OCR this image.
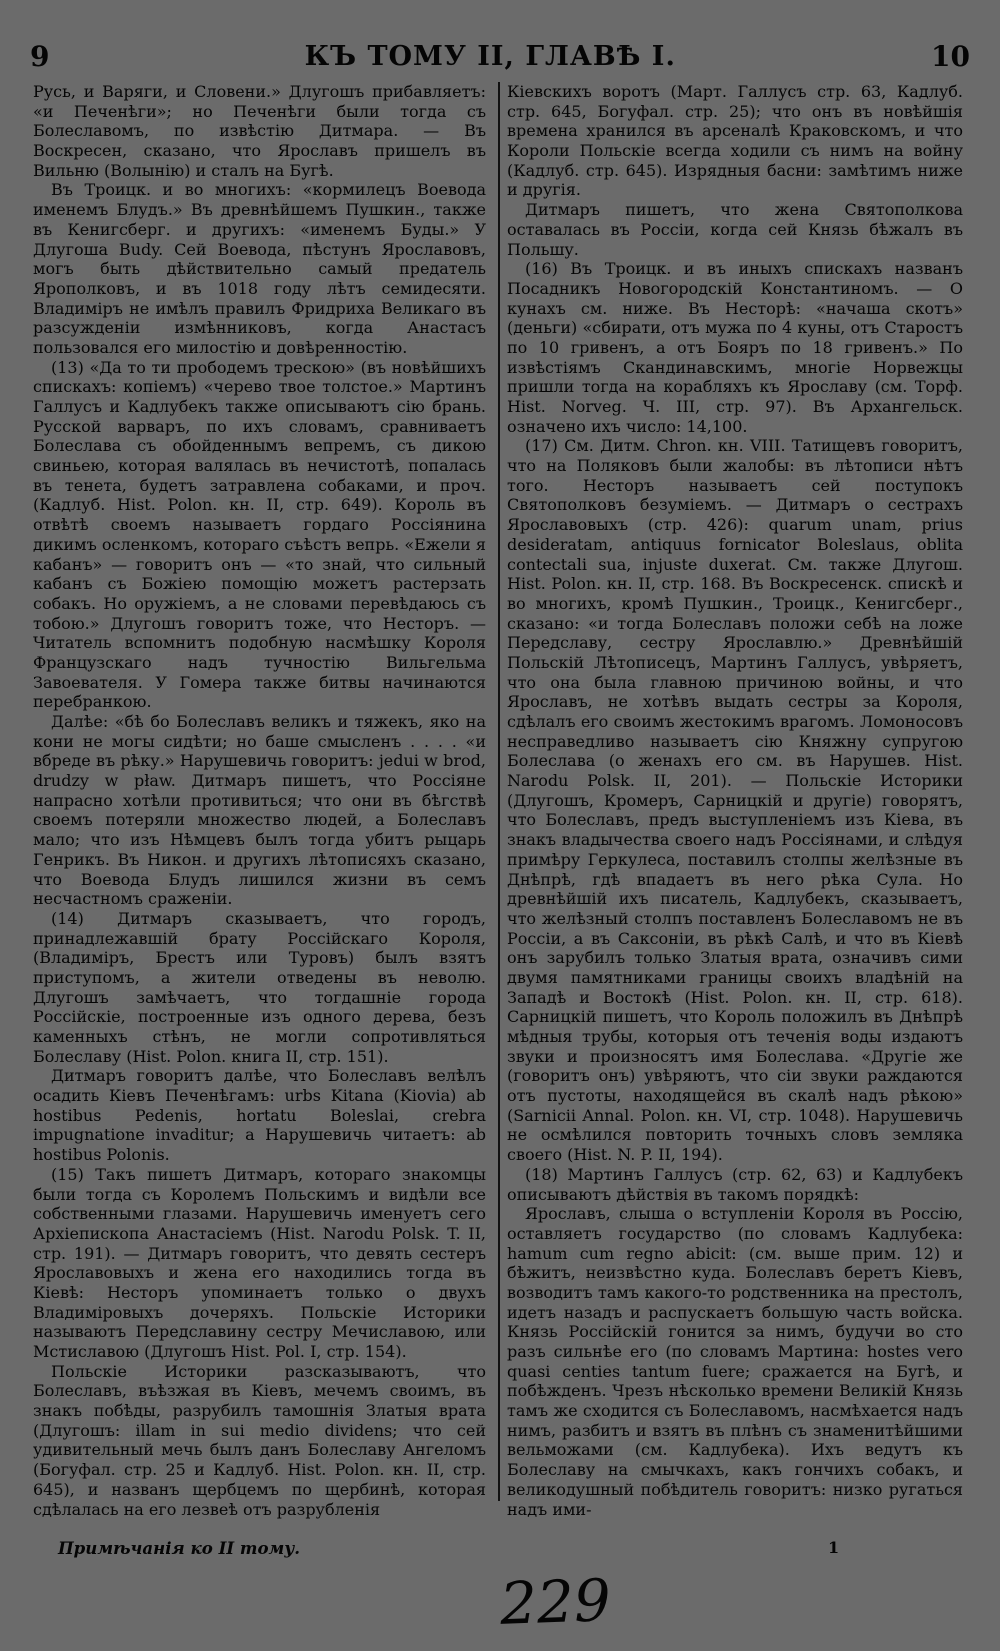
9	КЪ ТОМУ II, ГЛАВѢ I.	10

Русь, и Варяги, и Словени.» Длугошъ прибавляетъ: «и Печенѣги»; но Печенѣги были тогда съ Болеславомъ, по извѣстію Дитмара. — Въ Воскресен, сказано, что Ярославъ пришелъ въ Вильню (Волынію) и сталъ на Бугѣ.

Въ Троицк. и во многихъ: «кормилецъ Воевода именемъ Блудъ.» Въ древнѣйшемъ Пушкин., также въ Кенигсберг. и другихъ: «именемъ Буды.» У Длугоша Budy. Сей Воевода, пѣстунъ Ярославовъ, могъ быть дѣйствительно самый предатель Ярополковъ, и въ 1018 году лѣтъ семидесяти. Владиміръ не имѣлъ правилъ Фридриха Великаго въ разсужденіи измѣнниковъ, когда Анастасъ пользовался его милостію и довѣренностію.

(13) «Да то ти прободемъ трескою» (въ новѣйшихъ спискахъ: копіемъ) «черево твое толстое.» Мартинъ Галлусъ и Кадлубекъ также описываютъ сію брань. Русской варваръ, по ихъ словамъ, сравниваетъ Болеслава съ обойденнымъ вепремъ, съ дикою свиньею, которая валялась въ нечистотѣ, попалась въ тенета, будетъ затравлена собаками, и проч. (Кадлуб. Hist. Polon. кн. II, стр. 649). Король въ отвѣтѣ своемъ называетъ гордаго Россіянина дикимъ осленкомъ, котораго съѣстъ вепрь. «Ежели я кабанъ» — говоритъ онъ — «то знай, что сильный кабанъ съ Божіею помощію можетъ растерзать собакъ. Но оружіемъ, а не словами перевѣдаюсь съ тобою.» Длугошъ говоритъ тоже, что Несторъ. — Читатель вспомнитъ подобную насмѣшку Короля Французскаго надъ тучностію Вильгельма Завоевателя. У Гомера также битвы начинаются перебранкою.

Далѣе: «бѣ бо Болеславъ великъ и тяжекъ, яко на кони не могы сидѣти; но баше смысленъ . . . . «и вбреде въ рѣку.» Нарушевичь говоритъ: jedui w brod, drudzy w pław. Дитмаръ пишетъ, что Россіяне напрасно хотѣли противиться; что они въ бѣгствѣ своемъ потеряли множество людей, а Болеславъ мало; что изъ Нѣмцевъ былъ тогда убитъ рыцарь Генрикъ. Въ Никон. и другихъ лѣтописяхъ сказано, что Воевода Блудъ лишился жизни въ семъ несчастномъ сраженіи.

(14) Дитмаръ сказываетъ, что городъ, принадлежавшій брату Россійскаго Короля, (Владиміръ, Брестъ или Туровъ) былъ взятъ приступомъ, а жители отведены въ неволю. Длугошъ замѣчаетъ, что тогдашніе города Россійскіе, построенные изъ одного дерева, безъ каменныхъ стѣнъ, не могли сопротивляться Болеславу (Hist. Polon. книга II, стр. 151).

Дитмаръ говоритъ далѣе, что Болеславъ велѣлъ осадить Кіевъ Печенѣгамъ: urbs Kitana (Kiovia) ab hostibus Pedenis, hortatu Boleslai, crebra impugnatione invaditur; а Нарушевичь читаетъ: ab hostibus Polonis.

(15) Такъ пишетъ Дитмаръ, котораго знакомцы были тогда съ Королемъ Польскимъ и видѣли все собственными глазами. Нарушевичь именуетъ сего Архіепископа Анастасіемъ (Hist. Narodu Polsk. T. II, стр. 191). — Дитмаръ говоритъ, что девять сестеръ Ярославовыхъ и жена его находились тогда въ Кіевѣ: Несторъ упоминаетъ только о двухъ Владиміровыхъ дочеряхъ. Польскіе Историки называютъ Передславину сестру Мечиславою, или Мстиславою (Длугошъ Hist. Pol. I, стр. 154).

Польскіе Историки разсказываютъ, что Болеславъ, въѣзжая въ Кіевъ, мечемъ своимъ, въ знакъ побѣды, разрубилъ тамошнія Златыя врата (Длугошъ: illam in sui medio dividens; что сей удивительный мечь былъ данъ Болеславу Ангеломъ (Богуфал. стр. 25 и Кадлуб. Hist. Polon. кн. II, стр. 645), и названъ щербцемъ по щербинѣ, которая сдѣлалась на его лезвеѣ отъ разрубленія

Кіевскихъ воротъ (Март. Галлусъ стр. 63, Кадлуб. стр. 645, Богуфал. стр. 25); что онъ въ новѣйшія времена хранился въ арсеналѣ Краковскомъ, и что Короли Польскіе всегда ходили съ нимъ на войну (Кадлуб. стр. 645). Изрядныя басни: замѣтимъ ниже и другія.

Дитмаръ пишетъ, что жена Святополкова оставалась въ Россіи, когда сей Князь бѣжалъ въ Польшу.

(16) Въ Троицк. и въ иныхъ спискахъ названъ Посадникъ Новогородскій Константиномъ. — О кунахъ см. ниже. Въ Несторѣ: «начаша скотъ» (деньги) «сбирати, отъ мужа по 4 куны, отъ Старостъ по 10 гривенъ, а отъ Бояръ по 18 гривенъ.» По извѣстіямъ Скандинавскимъ, многіе Норвежцы пришли тогда на корабляхъ къ Ярославу (см. Торф. Hist. Norveg. Ч. III, стр. 97). Въ Архангельск. означено ихъ число: 14,100.

(17) См. Дитм. Chron. кн. VIII. Татищевъ говоритъ, что на Поляковъ были жалобы: въ лѣтописи нѣтъ того. Несторъ называетъ сей поступокъ Святополковъ безуміемъ. — Дитмаръ о сестрахъ Ярославовыхъ (стр. 426): quarum unam, prius desideratam, antiquus fornicator Boleslaus, oblita contectali sua, injuste duxerat. См. также Длугош. Hist. Polon. кн. II, стр. 168. Въ Воскресенск. спискѣ и во многихъ, кромѣ Пушкин., Троицк., Кенигсберг., сказано: «и тогда Болеславъ положи себѣ на ложе Передславу, сестру Ярославлю.» Древнѣйшій Польскій Лѣтописецъ, Мартинъ Галлусъ, увѣряетъ, что она была главною причиною войны, и что Ярославъ, не хотѣвъ выдать сестры за Короля, сдѣлалъ его своимъ жестокимъ врагомъ. Ломоносовъ несправедливо называетъ сію Княжну супругою Болеслава (о женахъ его см. въ Нарушев. Hist. Narodu Polsk. II, 201). — Польскіе Историки (Длугошъ, Кромеръ, Сарницкій и другіе) говорятъ, что Болеславъ, предъ выступленіемъ изъ Кіева, въ знакъ владычества своего надъ Россіянами, и слѣдуя примѣру Геркулеса, поставилъ столпы желѣзные въ Днѣпрѣ, гдѣ впадаетъ въ него рѣка Сула. Но древнѣйшій ихъ писатель, Кадлубекъ, сказываетъ, что желѣзный столпъ поставленъ Болеславомъ не въ Россіи, а въ Саксоніи, въ рѣкѣ Салѣ, и что въ Кіевѣ онъ зарубилъ только Златыя врата, означивъ сими двумя памятниками границы своихъ владѣній на Западѣ и Востокѣ (Hist. Polon. кн. II, стр. 618). Сарницкій пишетъ, что Король положилъ въ Днѣпрѣ мѣдныя трубы, которыя отъ теченія воды издаютъ звуки и произносятъ имя Болеслава. «Другіе же (говоритъ онъ) увѣряютъ, что сіи звуки раждаются отъ пустоты, находящейся въ скалѣ надъ рѣкою» (Sarnicii Annal. Polon. кн. VI, стр. 1048). Нарушевичь не осмѣлился повторить точныхъ словъ земляка своего (Hist. N. P. II, 194).

(18) Мартинъ Галлусъ (стр. 62, 63) и Кадлубекъ описываютъ дѣйствія въ такомъ порядкѣ:

Ярославъ, слыша о вступленіи Короля въ Россію, оставляетъ государство (по словамъ Кадлубека: hamum cum regno abicit: (см. выше прим. 12) и бѣжитъ, неизвѣстно куда. Болеславъ беретъ Кіевъ, возводитъ тамъ какого-то родственника на престолъ, идетъ назадъ и распускаетъ большую часть войска. Князь Россійскій гонится за нимъ, будучи во сто разъ сильнѣе его (по словамъ Мартина: hostes vero quasi centies tantum fuere; сражается на Бугѣ, и побѣжденъ. Чрезъ нѣсколько времени Великій Князь тамъ же сходится съ Болеславомъ, насмѣхается надъ нимъ, разбитъ и взятъ въ плѣнъ съ знаменитѣйшими вельможами (см. Кадлубека). Ихъ ведутъ къ Болеславу на смычкахъ, какъ гончихъ собакъ, и великодушный побѣдитель говоритъ: низко ругаться надъ ими-

Примѣчанія ко II тому.	1
229
